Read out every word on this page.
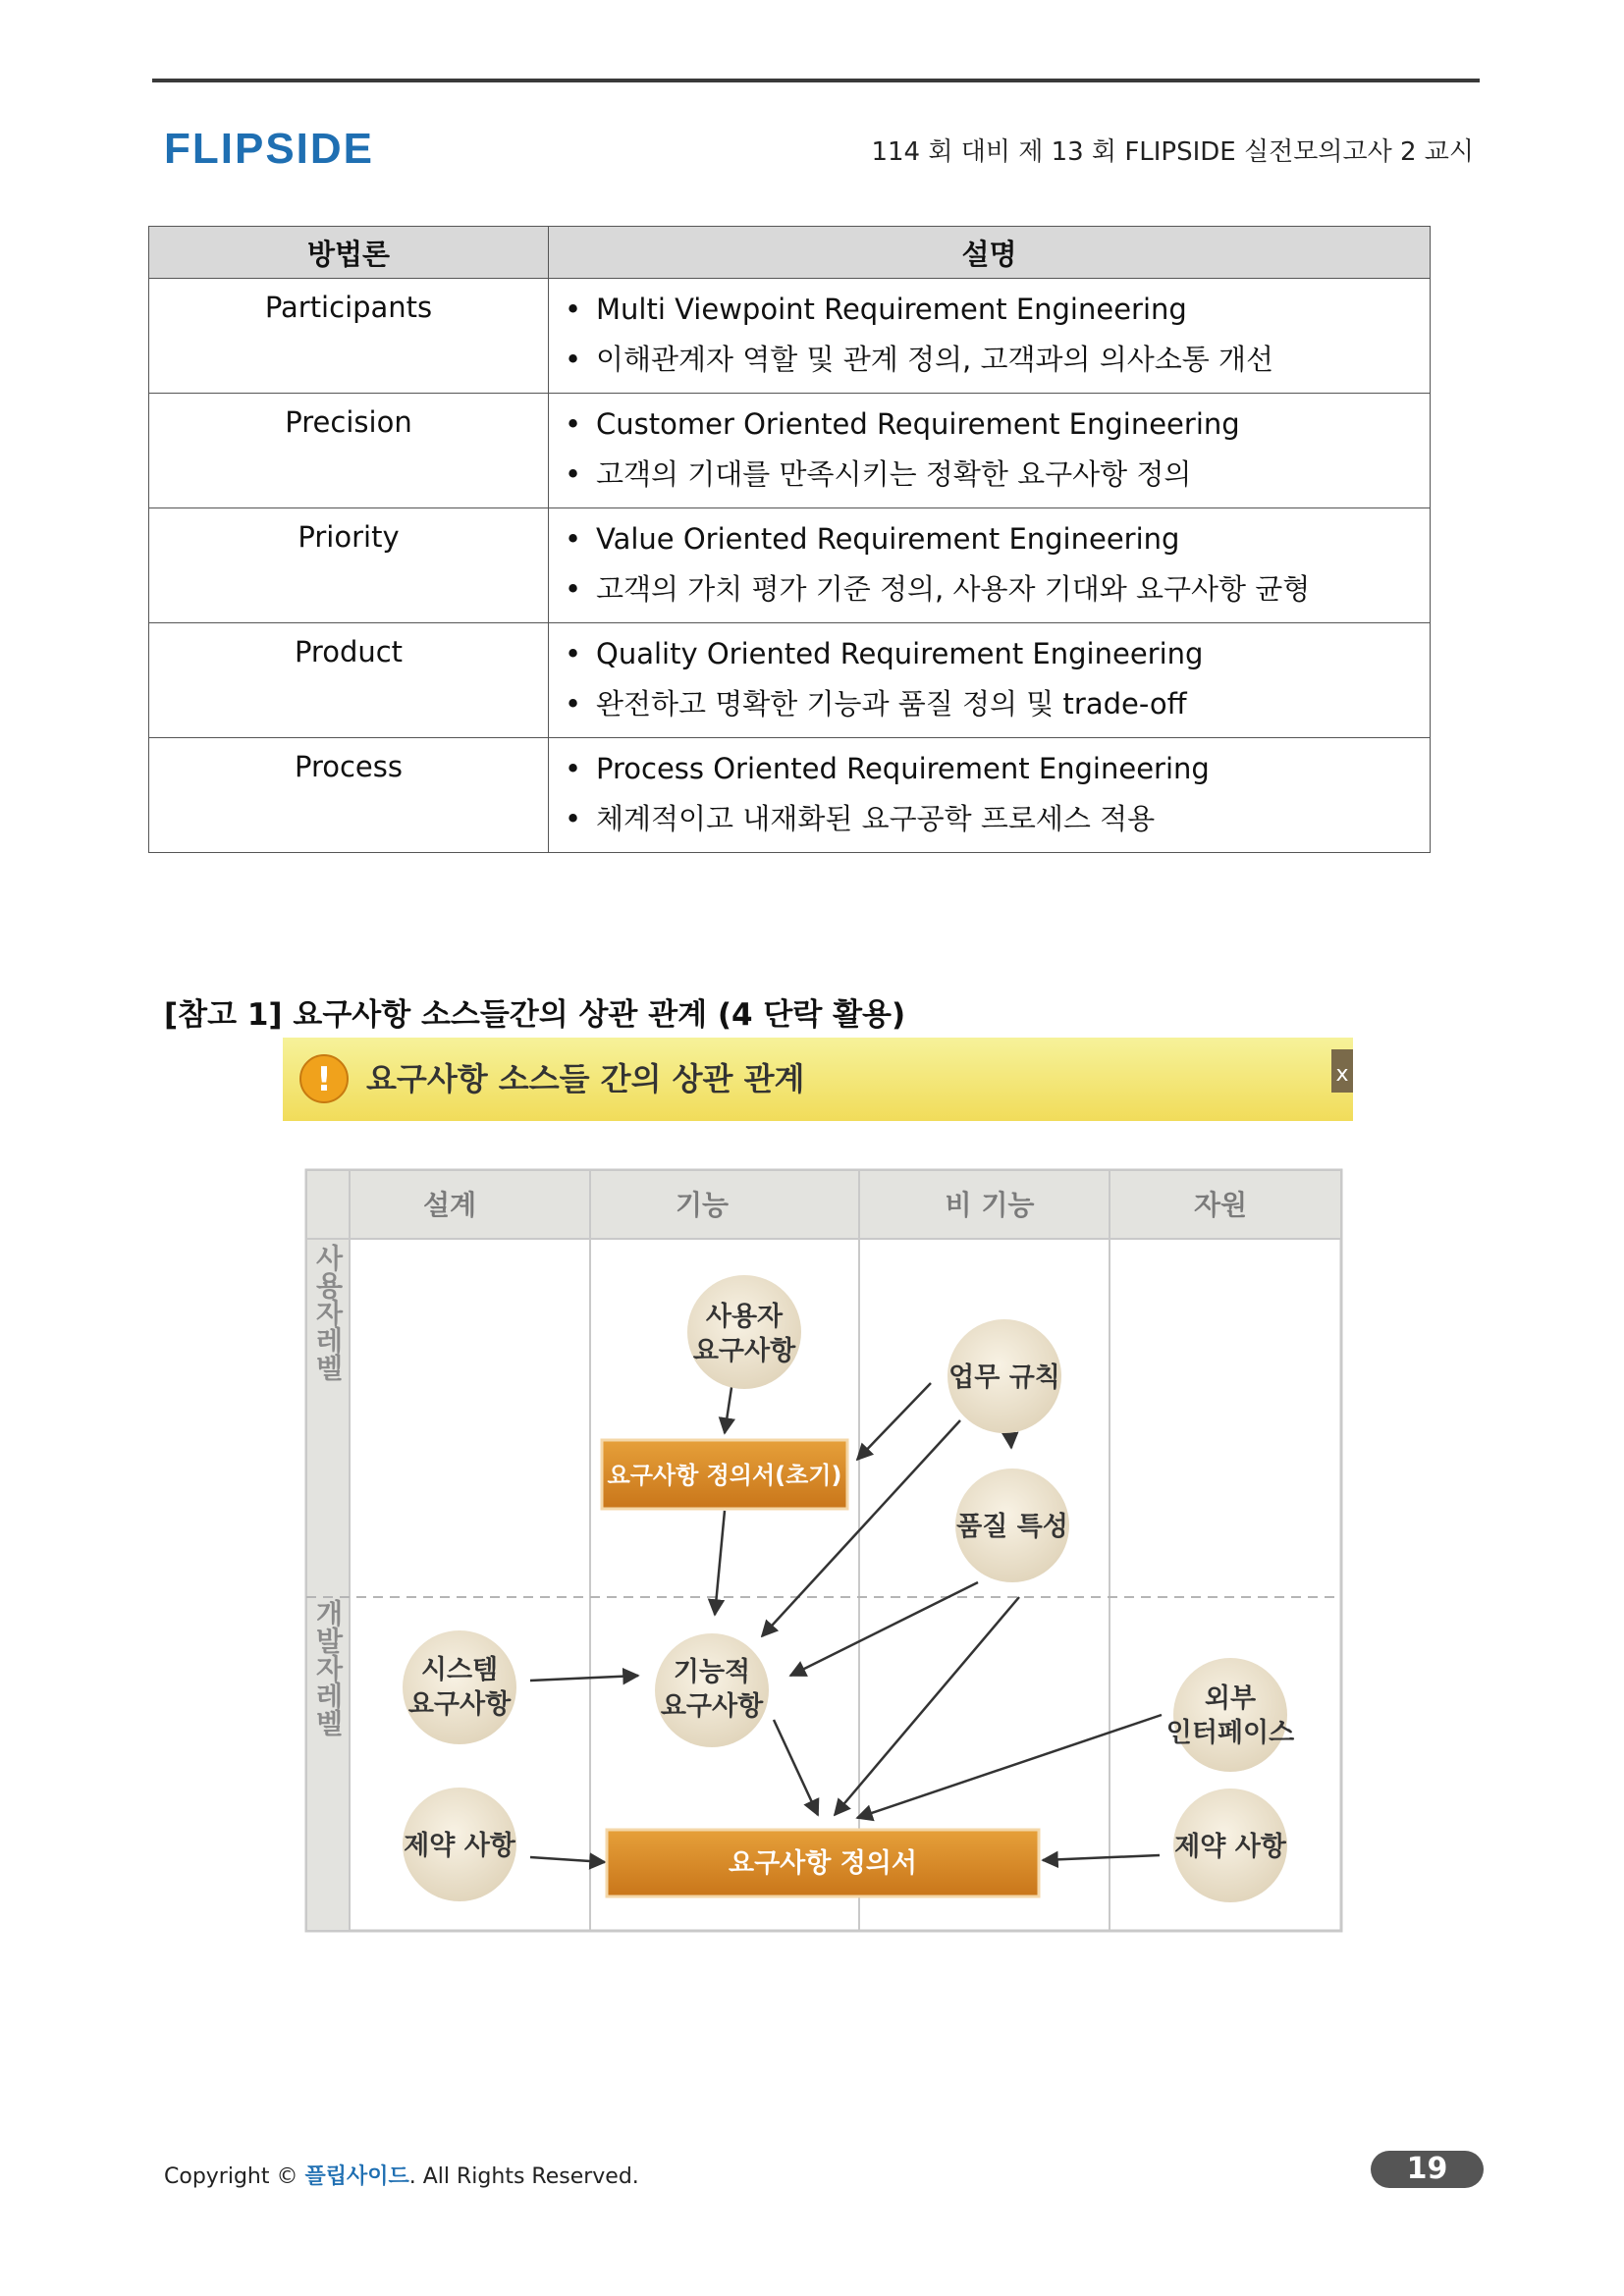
FLIPSIDE	114 회 대비 제 13 회 FLIPSIDE 실전모의고사 2 교시
방법론	설명
Participants	• Multi Viewpoint Requirement Engineering
• 이해관계자 역할 및 관계 정의, 고객과의 의사소통 개선

Precision	• Customer Oriented Requirement Engineering
• 고객의 기대를 만족시키는 정확한 요구사항 정의

Priority	• Value Oriented Requirement Engineering
• 고객의 가치 평가 기준 정의, 사용자 기대와 요구사항 균형

Product	• Quality Oriented Requirement Engineering
• 완전하고 명확한 기능과 품질 정의 및 trade-off

Process	• Process Oriented Requirement Engineering
• 체계적이고 내재화된 요구공학 프로세스 적용
[참고 1] 요구사항 소스들간의 상관 관계 (4 단락 활용)
! 요구사항 소스들 간의 상관 관계	x
설계	기능	비 기능	자원
사용자레벨
개발자레벨
사용자
요구사항
업무 규칙
요구사항 정의서(초기)
품질 특성
시스템
요구사항
기능적
요구사항	외부
인터페이스
제약 사항	제약 사항
요구사항 정의서
Copyright © 플립사이드. All Rights Reserved.	19
